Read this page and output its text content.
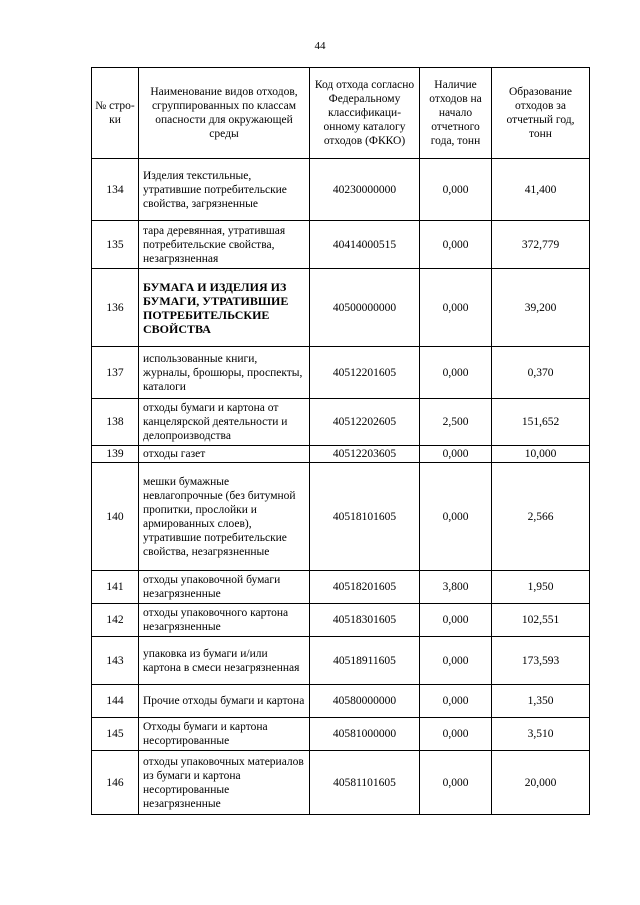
44
№ стро-ки	Наименование видов отходов, сгруппированных по классам опасности для окружающей среды	Код отхода согласно Федеральному классификаци-онному каталогу отходов (ФККО)	Наличие отходов на начало отчетного года, тонн	Образование отходов за отчетный год, тонн
134	Изделия текстильные, утратившие потребительские свойства, загрязненные	40230000000	0,000	41,400
135	тара деревянная, утратившая потребительские свойства, незагрязненная	40414000515	0,000	372,779
136	БУМАГА И ИЗДЕЛИЯ ИЗ БУМАГИ, УТРАТИВШИЕ ПОТРЕБИТЕЛЬСКИЕ СВОЙСТВА	40500000000	0,000	39,200
137	использованные книги, журналы, брошюры, проспекты, каталоги	40512201605	0,000	0,370
138	отходы бумаги и картона от канцелярской деятельности и делопроизводства	40512202605	2,500	151,652
139	отходы газет	40512203605	0,000	10,000
140	мешки бумажные невлагопрочные (без битумной пропитки, прослойки и армированных слоев), утратившие потребительские свойства, незагрязненные	40518101605	0,000	2,566
141	отходы упаковочной бумаги незагрязненные	40518201605	3,800	1,950
142	отходы упаковочного картона незагрязненные	40518301605	0,000	102,551
143	упаковка из бумаги и/или картона в смеси незагрязненная	40518911605	0,000	173,593
144	Прочие отходы бумаги и картона	40580000000	0,000	1,350
145	Отходы бумаги и картона несортированные	40581000000	0,000	3,510
146	отходы упаковочных материалов из бумаги и картона несортированные незагрязненные	40581101605	0,000	20,000
